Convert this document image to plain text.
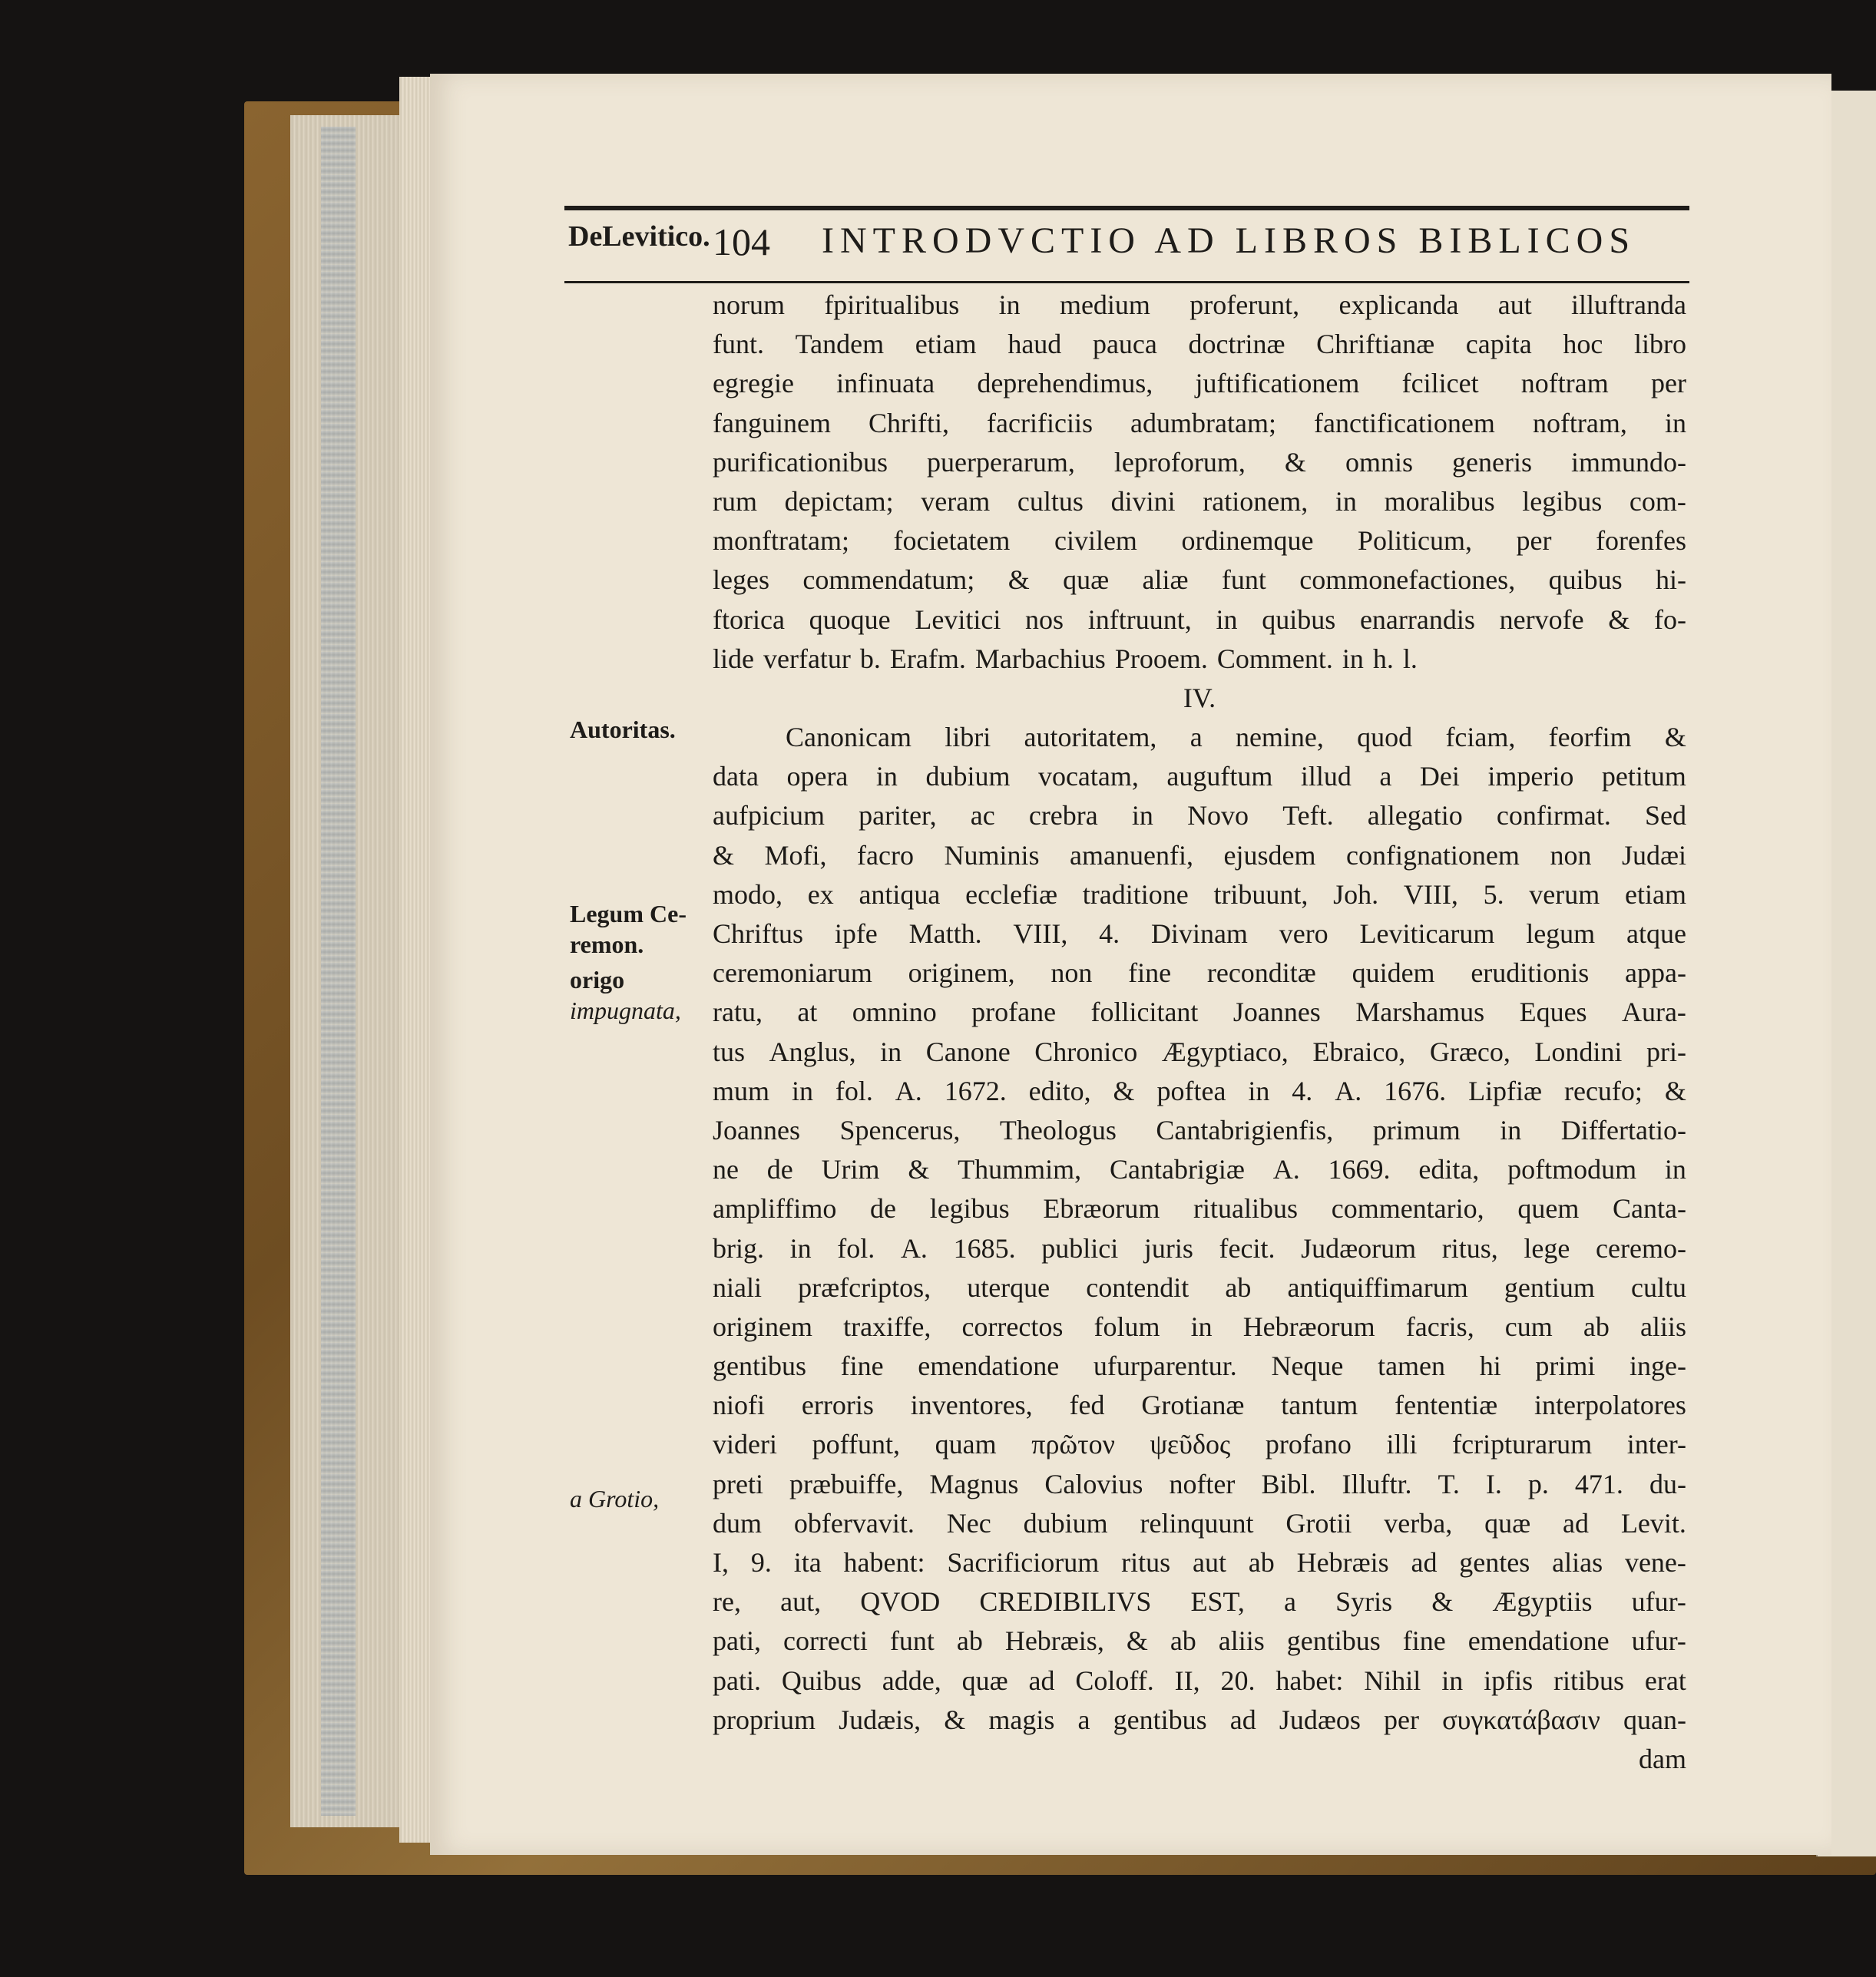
DeLevitico. 104 INTRODVCTIO AD LIBROS BIBLICOS
Autoritas.
Legum Ce-
remon.
origo
impugnata,
a Grotio,
norum fpiritualibus in medium proferunt, explicanda aut illuftranda
funt. Tandem etiam haud pauca doctrinæ Chriftianæ capita hoc libro
egregie infinuata deprehendimus, juftificationem fcilicet noftram per
fanguinem Chrifti, facrificiis adumbratam; fanctificationem noftram, in
purificationibus puerperarum, leproforum, & omnis generis immundo-
rum depictam; veram cultus divini rationem, in moralibus legibus com-
monftratam; focietatem civilem ordinemque Politicum, per forenfes
leges commendatum; & quæ aliæ funt commonefactiones, quibus hi-
ftorica quoque Levitici nos inftruunt, in quibus enarrandis nervofe & fo-
lide verfatur b. Erafm. Marbachius Prooem. Comment. in h. l.
IV.
Canonicam libri autoritatem, a nemine, quod fciam, feorfim &
data opera in dubium vocatam, auguftum illud a Dei imperio petitum
aufpicium pariter, ac crebra in Novo Teft. allegatio confirmat. Sed
& Mofi, facro Numinis amanuenfi, ejusdem confignationem non Judæi
modo, ex antiqua ecclefiæ traditione tribuunt, Joh. VIII, 5. verum etiam
Chriftus ipfe Matth. VIII, 4. Divinam vero Leviticarum legum atque
ceremoniarum originem, non fine reconditæ quidem eruditionis appa-
ratu, at omnino profane follicitant Joannes Marshamus Eques Aura-
tus Anglus, in Canone Chronico Ægyptiaco, Ebraico, Græco, Londini pri-
mum in fol. A. 1672. edito, & poftea in 4. A. 1676. Lipfiæ recufo; &
Joannes Spencerus, Theologus Cantabrigienfis, primum in Differtatio-
ne de Urim & Thummim, Cantabrigiæ A. 1669. edita, poftmodum in
ampliffimo de legibus Ebræorum ritualibus commentario, quem Canta-
brig. in fol. A. 1685. publici juris fecit. Judæorum ritus, lege ceremo-
niali præfcriptos, uterque contendit ab antiquiffimarum gentium cultu
originem traxiffe, correctos folum in Hebræorum facris, cum ab aliis
gentibus fine emendatione ufurparentur. Neque tamen hi primi inge-
niofi erroris inventores, fed Grotianæ tantum fententiæ interpolatores
videri poffunt, quam πρῶτον ψεῦδος profano illi fcripturarum inter-
preti præbuiffe, Magnus Calovius nofter Bibl. Illuftr. T. I. p. 471. du-
dum obfervavit. Nec dubium relinquunt Grotii verba, quæ ad Levit.
I, 9. ita habent: Sacrificiorum ritus aut ab Hebræis ad gentes alias vene-
re, aut, QVOD CREDIBILIVS EST, a Syris & Ægyptiis ufur-
pati, correcti funt ab Hebræis, & ab aliis gentibus fine emendatione ufur-
pati. Quibus adde, quæ ad Coloff. II, 20. habet: Nihil in ipfis ritibus erat
proprium Judæis, & magis a gentibus ad Judæos per συγκατάβασιν quan-
dam
